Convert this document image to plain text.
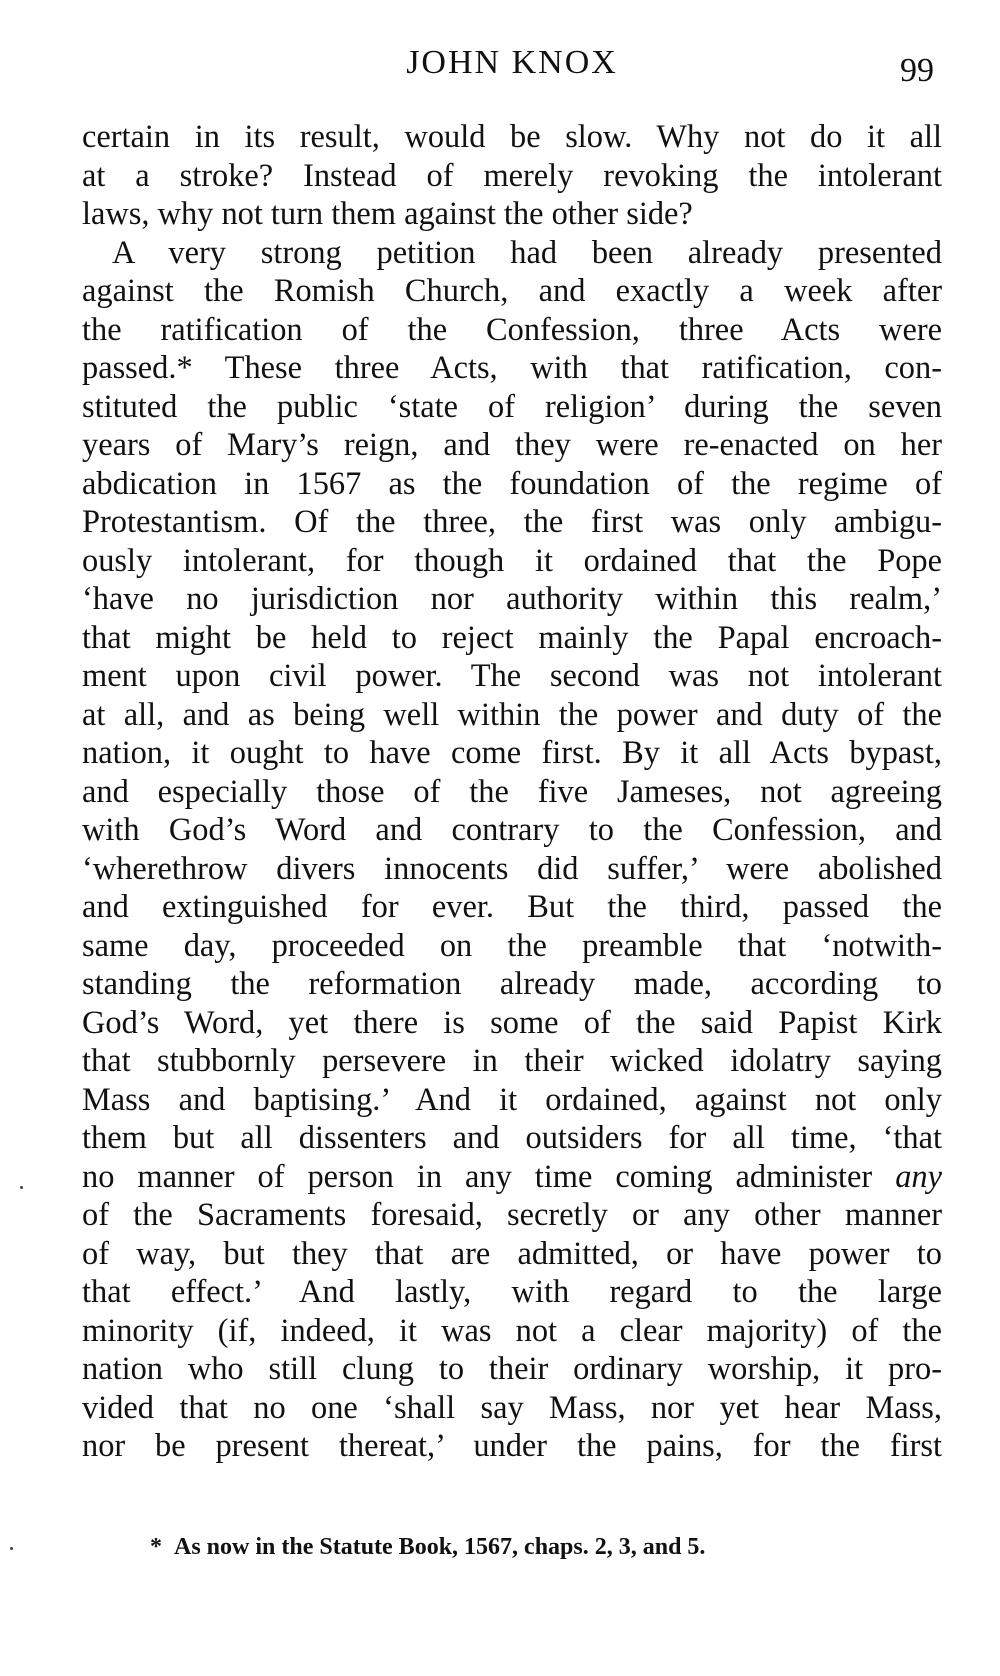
JOHN KNOX	99
certain in its result, would be slow. Why not do it all
at a stroke? Instead of merely revoking the intolerant
laws, why not turn them against the other side?
A very strong petition had been already presented
against the Romish Church, and exactly a week after
the ratification of the Confession, three Acts were
passed.* These three Acts, with that ratification, con-
stituted the public ‘state of religion’ during the seven
years of Mary’s reign, and they were re-enacted on her
abdication in 1567 as the foundation of the regime of
Protestantism. Of the three, the first was only ambigu-
ously intolerant, for though it ordained that the Pope
‘have no jurisdiction nor authority within this realm,’
that might be held to reject mainly the Papal encroach-
ment upon civil power. The second was not intolerant
at all, and as being well within the power and duty of the
nation, it ought to have come first. By it all Acts bypast,
and especially those of the five Jameses, not agreeing
with God’s Word and contrary to the Confession, and
‘wherethrow divers innocents did suffer,’ were abolished
and extinguished for ever. But the third, passed the
same day, proceeded on the preamble that ‘notwith-
standing the reformation already made, according to
God’s Word, yet there is some of the said Papist Kirk
that stubbornly persevere in their wicked idolatry saying
Mass and baptising.’ And it ordained, against not only
them but all dissenters and outsiders for all time, ‘that
no manner of person in any time coming administer any
of the Sacraments foresaid, secretly or any other manner
of way, but they that are admitted, or have power to
that effect.’ And lastly, with regard to the large
minority (if, indeed, it was not a clear majority) of the
nation who still clung to their ordinary worship, it pro-
vided that no one ‘shall say Mass, nor yet hear Mass,
nor be present thereat,’ under the pains, for the first
* As now in the Statute Book, 1567, chaps. 2, 3, and 5.
